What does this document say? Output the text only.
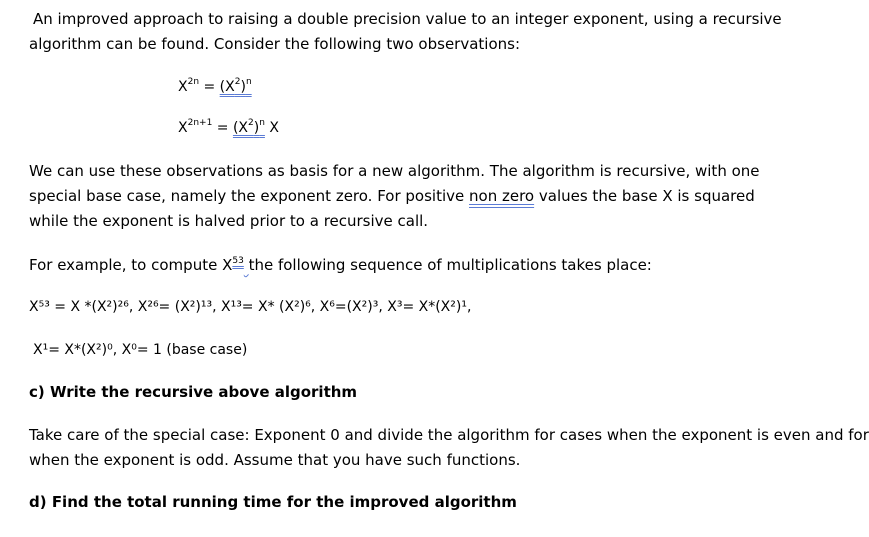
An improved approach to raising a double precision value to an integer exponent, using a recursive
algorithm can be found. Consider the following two observations:
$X^{2n} = (X^2)^n$
$X^{2n+1} = (X^2)^n$ X
We can use these observations as basis for a new algorithm. The algorithm is recursive, with one
special base case, namely the exponent zero. For positive non zero values the base X is squared
while the exponent is halved prior to a recursive call.
For example, to compute $X^{53}$ the following sequence of multiplications takes place:
X⁵³ = X *(X²)²⁶, X²⁶= (X²)¹³, X¹³= X* (X²)⁶, X⁶=(X²)³, X³= X*(X²)¹,
X¹= X*(X²)⁰, X⁰= 1 (base case)
c) Write the recursive above algorithm
Take care of the special case: Exponent 0 and divide the algorithm for cases when the exponent is even and for
when the exponent is odd. Assume that you have such functions.
d) Find the total running time for the improved algorithm
